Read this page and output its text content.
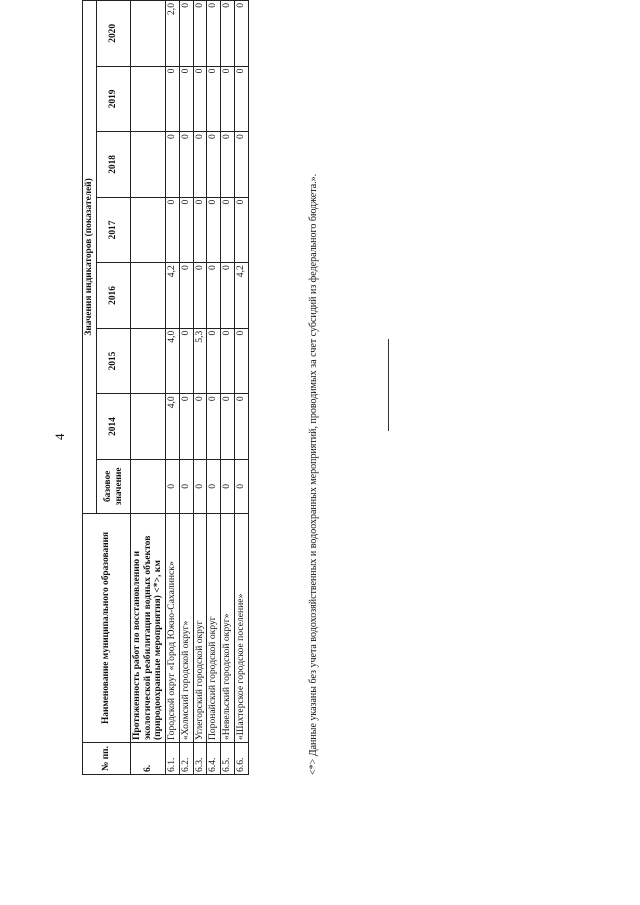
4
№ пп.	Наименование муниципального образования	Значения индикаторов (показателей)							
		базовое значение	2014	2015	2016	2017	2018	2019	2020
6.	Протяженность работ по восстановлению и экологической реабилитации водных объектов (природоохранные мероприятия) <*>, км								
6.1.	Городской округ «Город Южно-Сахалинск»	0	4,0	4,0	4,2	0	0	0	2,0
6.2.	«Холмский городской округ»	0	0	0	0	0	0	0	0
6.3.	Углегорский городской округ	0	0	5,3	0	0	0	0	0
6.4.	Поронайский городской округ	0	0	0	0	0	0	0	0
6.5.	«Невельский городской округ»	0	0	0	0	0	0	0	0
6.6.	«Шахтерское городское поселение»	0	0	0	4,2	0	0	0	0
<*> Данные указаны без учета водохозяйственных и водоохранных мероприятий, проводимых за счет субсидий из федерального бюджета.».
